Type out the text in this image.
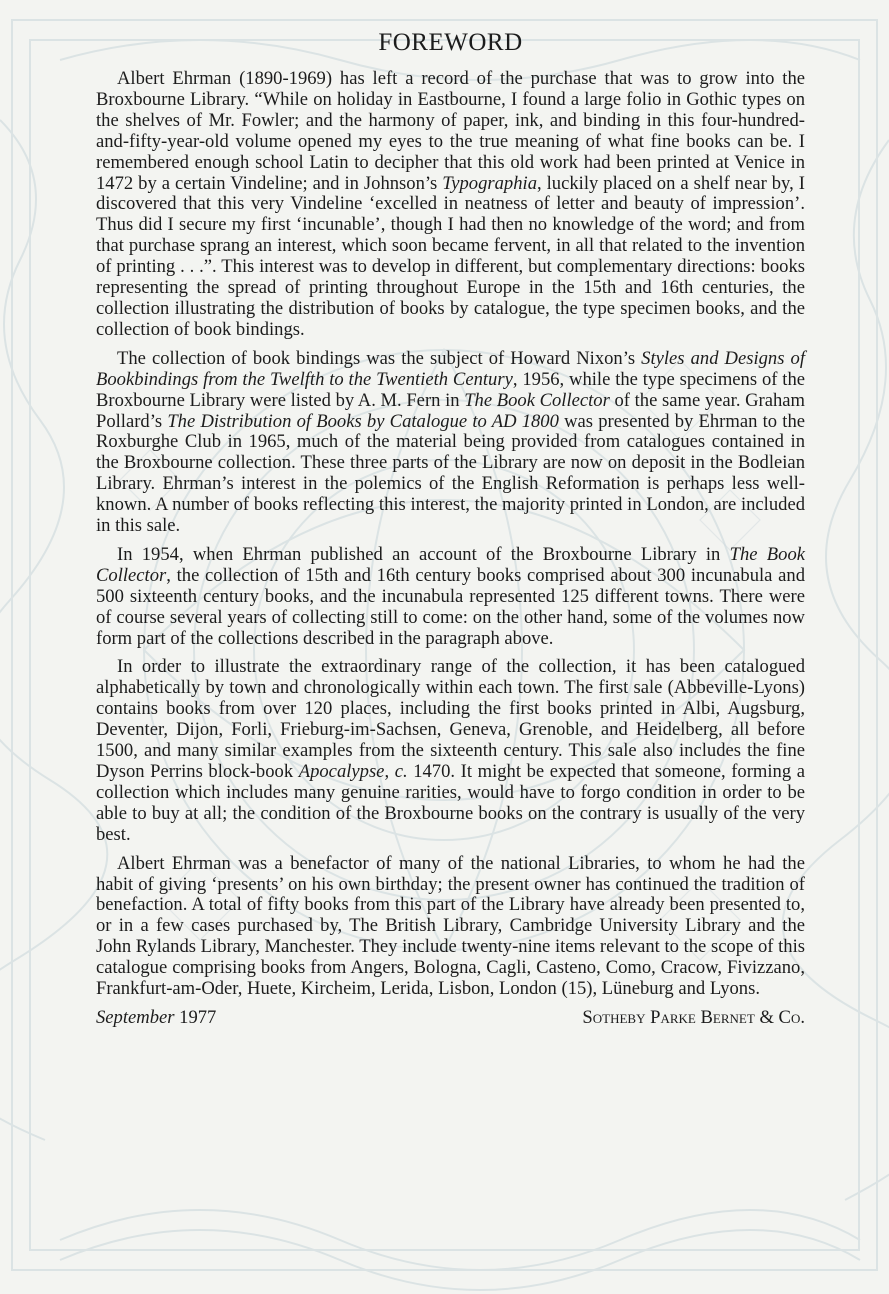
FOREWORD

Albert Ehrman (1890-1969) has left a record of the purchase that was to grow into the Broxbourne Library. “While on holiday in Eastbourne, I found a large folio in Gothic types on the shelves of Mr. Fowler; and the harmony of paper, ink, and binding in this four-hundred-and-fifty-year-old volume opened my eyes to the true meaning of what fine books can be. I remembered enough school Latin to decipher that this old work had been printed at Venice in 1472 by a certain Vindeline; and in Johnson’s Typographia, luckily placed on a shelf near by, I discovered that this very Vindeline ‘excelled in neatness of letter and beauty of impression’. Thus did I secure my first ‘incunable’, though I had then no knowledge of the word; and from that purchase sprang an interest, which soon became fervent, in all that related to the invention of printing . . .”. This interest was to develop in different, but complementary directions: books representing the spread of printing throughout Europe in the 15th and 16th centuries, the collection illustrating the distribution of books by catalogue, the type specimen books, and the collection of book bindings.

The collection of book bindings was the subject of Howard Nixon’s Styles and Designs of Bookbindings from the Twelfth to the Twentieth Century, 1956, while the type specimens of the Broxbourne Library were listed by A. M. Fern in The Book Collector of the same year. Graham Pollard’s The Distribution of Books by Catalogue to AD 1800 was presented by Ehrman to the Roxburghe Club in 1965, much of the material being provided from catalogues contained in the Broxbourne collection. These three parts of the Library are now on deposit in the Bodleian Library. Ehrman’s interest in the polemics of the English Reformation is perhaps less well-known. A number of books reflecting this interest, the majority printed in London, are included in this sale.

In 1954, when Ehrman published an account of the Broxbourne Library in The Book Collector, the collection of 15th and 16th century books comprised about 300 incunabula and 500 sixteenth century books, and the incunabula represented 125 different towns. There were of course several years of collecting still to come: on the other hand, some of the volumes now form part of the collections described in the paragraph above.

In order to illustrate the extraordinary range of the collection, it has been catalogued alphabetically by town and chronologically within each town. The first sale (Abbeville-Lyons) contains books from over 120 places, including the first books printed in Albi, Augsburg, Deventer, Dijon, Forli, Frieburg-im-Sachsen, Geneva, Grenoble, and Heidelberg, all before 1500, and many similar examples from the sixteenth century. This sale also includes the fine Dyson Perrins block-book Apocalypse, c. 1470. It might be expected that someone, forming a collection which includes many genuine rarities, would have to forgo condition in order to be able to buy at all; the condition of the Broxbourne books on the contrary is usually of the very best.

Albert Ehrman was a benefactor of many of the national Libraries, to whom he had the habit of giving ‘presents’ on his own birthday; the present owner has continued the tradition of benefaction. A total of fifty books from this part of the Library have already been presented to, or in a few cases purchased by, The British Library, Cambridge University Library and the John Rylands Library, Manchester. They include twenty-nine items relevant to the scope of this catalogue comprising books from Angers, Bologna, Cagli, Casteno, Como, Cracow, Fivizzano, Frankfurt-am-Oder, Huete, Kircheim, Lerida, Lisbon, London (15), Lüneburg and Lyons.

September 1977	Sotheby Parke Bernet & Co.
